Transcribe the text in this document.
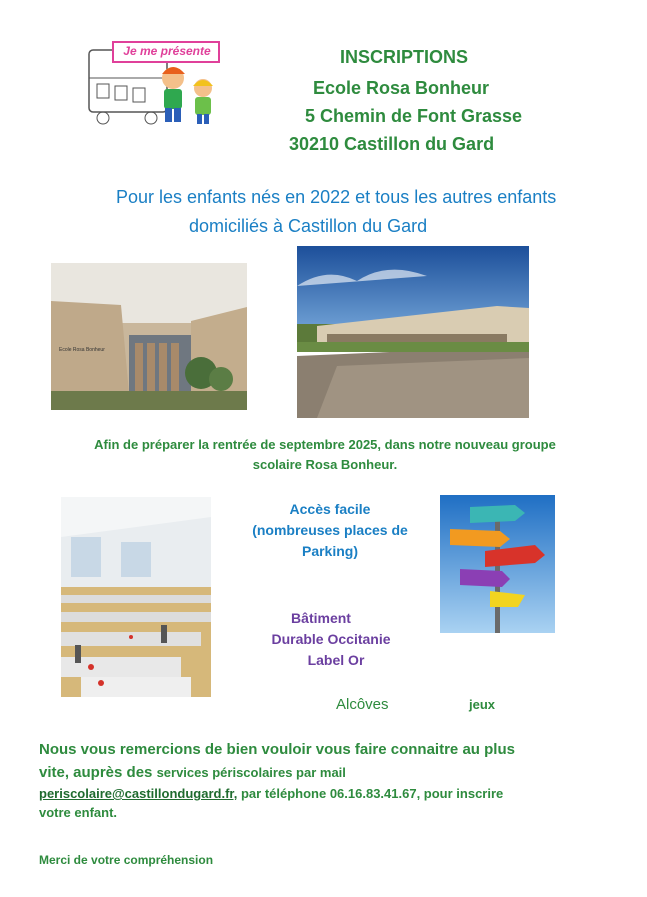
Je me présente	INSCRIPTIONS
Ecole Rosa Bonheur
5 Chemin de Font Grasse
30210 Castillon du Gard
Pour les enfants nés en 2022 et tous les autres enfants
domiciliés à Castillon du Gard
Ecole Rosa Bonheur
Afin de préparer la rentrée de septembre 2025, dans notre nouveau groupe
scolaire Rosa Bonheur.
Accès facile
(nombreuses places de
Parking)
Bâtiment
Durable Occitanie
Label Or
Alcôves	jeux
Nous vous remercions de bien vouloir vous faire connaitre au plus
vite, auprès des services périscolaires par mail
periscolaire@castillondugard.fr, par téléphone 06.16.83.41.67, pour inscrire
votre enfant.
Merci de votre compréhension
